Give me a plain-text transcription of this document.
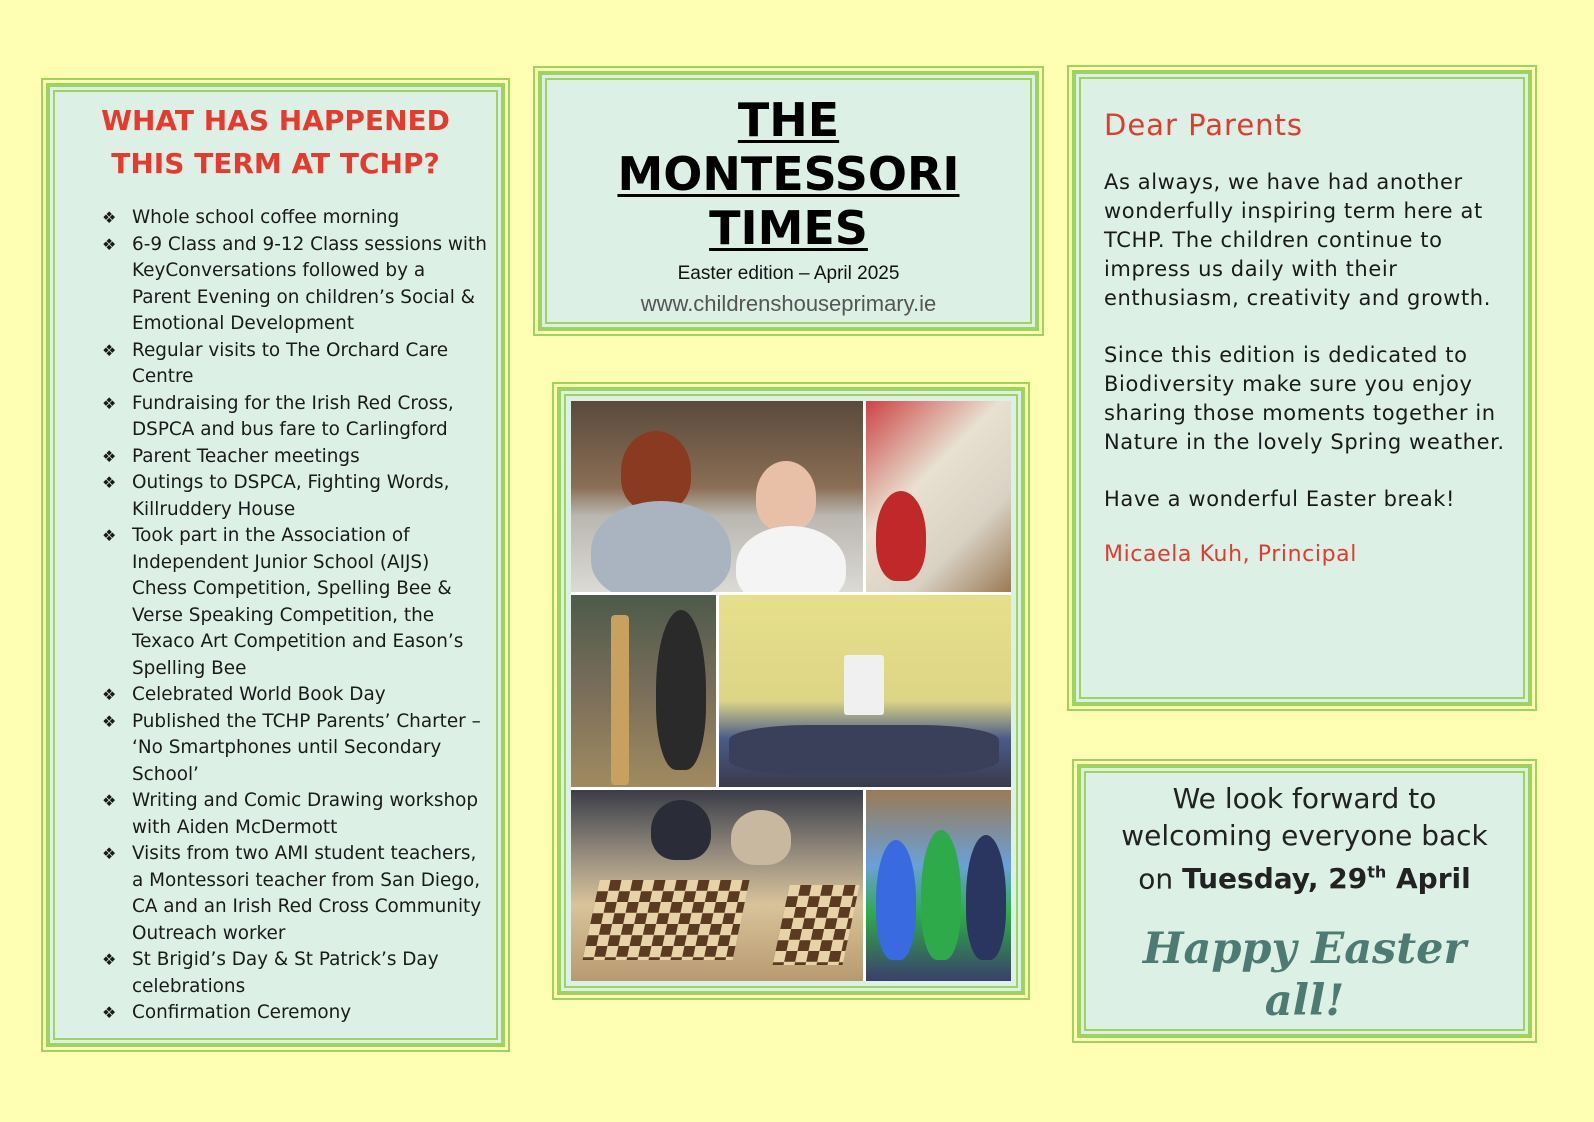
WHAT HAS HAPPENED
THIS TERM AT TCHP?
❖ Whole school coffee morning
❖ 6-9 Class and 9-12 Class sessions with KeyConversations followed by a Parent Evening on children’s Social & Emotional Development
❖ Regular visits to The Orchard Care Centre
❖ Fundraising for the Irish Red Cross, DSPCA and bus fare to Carlingford
❖ Parent Teacher meetings
❖ Outings to DSPCA, Fighting Words, Killruddery House
❖ Took part in the Association of Independent Junior School (AIJS) Chess Competition, Spelling Bee & Verse Speaking Competition, the Texaco Art Competition and Eason’s Spelling Bee
❖ Celebrated World Book Day
❖ Published the TCHP Parents’ Charter – ‘No Smartphones until Secondary School’
❖ Writing and Comic Drawing workshop with Aiden McDermott
❖ Visits from two AMI student teachers, a Montessori teacher from San Diego, CA and an Irish Red Cross Community Outreach worker
❖ St Brigid’s Day & St Patrick’s Day celebrations
❖ Confirmation Ceremony
THE
MONTESSORI
TIMES
Easter edition – April 2025
www.childrenshouseprimary.ie
Dear Parents

As always, we have had another wonderfully inspiring term here at TCHP. The children continue to impress us daily with their enthusiasm, creativity and growth.

Since this edition is dedicated to Biodiversity make sure you enjoy sharing those moments together in Nature in the lovely Spring weather.

Have a wonderful Easter break!

Micaela Kuh, Principal
We look forward to
welcoming everyone back
on Tuesday, 29th April
Happy Easter
all!
